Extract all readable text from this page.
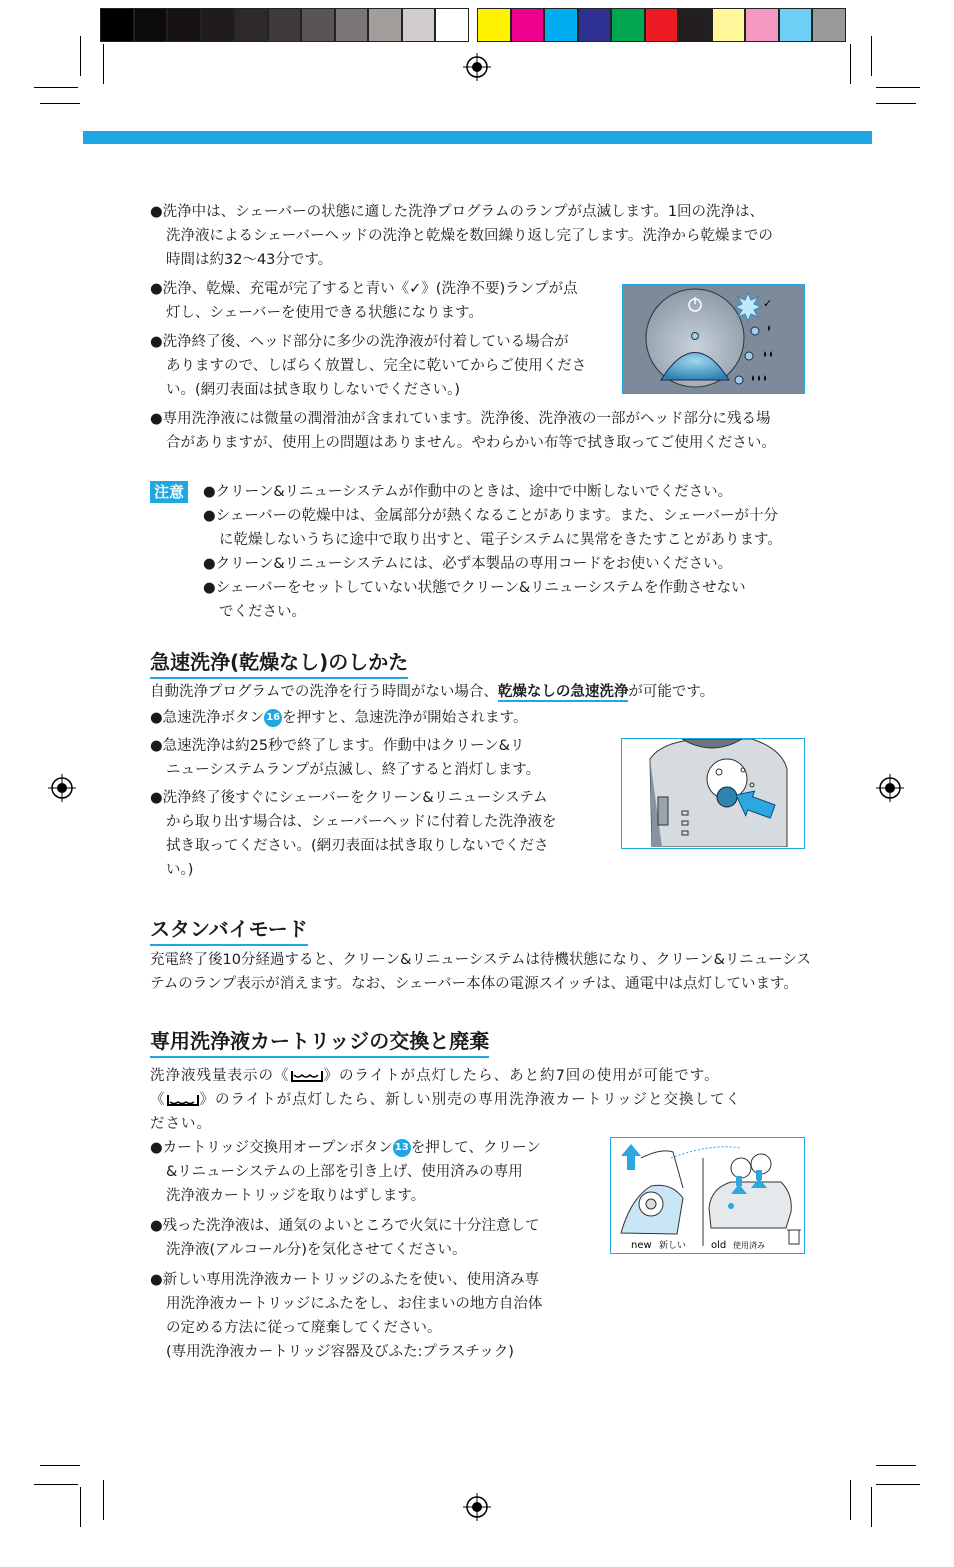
●洗浄中は、シェーバーの状態に適した洗浄プログラムのランプが点滅します。1回の洗浄は、
洗浄液によるシェーバーヘッドの洗浄と乾燥を数回繰り返し完了します。洗浄から乾燥までの
時間は約32〜43分です。
●洗浄、乾燥、充電が完了すると青い《✓》(洗浄不要)ランプが点
灯し、シェーバーを使用できる状態になります。
●洗浄終了後、ヘッド部分に多少の洗浄液が付着している場合が
ありますので、しばらく放置し、完全に乾いてからご使用くださ
い。(網刃表面は拭き取りしないでください。)
●専用洗浄液には微量の潤滑油が含まれています。洗浄後、洗浄液の一部がヘッド部分に残る場
合がありますが、使用上の問題はありません。やわらかい布等で拭き取ってご使用ください。
✓
注意 ●クリーン&リニューシステムが作動中のときは、途中で中断しないでください。
●シェーバーの乾燥中は、金属部分が熱くなることがあります。また、シェーバーが十分
に乾燥しないうちに途中で取り出すと、電子システムに異常をきたすことがあります。
●クリーン&リニューシステムには、必ず本製品の専用コードをお使いください。
●シェーバーをセットしていない状態でクリーン&リニューシステムを作動させない
でください。
急速洗浄(乾燥なし)のしかた
自動洗浄プログラムでの洗浄を行う時間がない場合、乾燥なしの急速洗浄が可能です。
●急速洗浄ボタン 16 を押すと、急速洗浄が開始されます。
●急速洗浄は約25秒で終了します。作動中はクリーン&リ
ニューシステムランプが点滅し、終了すると消灯します。
●洗浄終了後すぐにシェーバーをクリーン&リニューシステム
から取り出す場合は、シェーバーヘッドに付着した洗浄液を
拭き取ってください。(網刃表面は拭き取りしないでくださ
い。)
スタンバイモード
充電終了後10分経過すると、クリーン&リニューシステムは待機状態になり、クリーン&リニューシス
テムのランプ表示が消えます。なお、シェーバー本体の電源スイッチは、通電中は点灯しています。
専用洗浄液カートリッジの交換と廃棄
洗浄液残量表示の《 》のライトが点灯したら、あと約7回の使用が可能です。
《 》のライトが点灯したら、新しい別売の専用洗浄液カートリッジと交換してく
ださい。
●カートリッジ交換用オープンボタン 13 を押して、クリーン
&リニューシステムの上部を引き上げ、使用済みの専用
洗浄液カートリッジを取りはずします。
●残った洗浄液は、通気のよいところで火気に十分注意して
洗浄液(アルコール分)を気化させてください。
●新しい専用洗浄液カートリッジのふたを使い、使用済み専
用洗浄液カートリッジにふたをし、お住まいの地方自治体
の定める方法に従って廃棄してください。
(専用洗浄液カートリッジ容器及びふた:プラスチック)
new 新しい old 使用済み
